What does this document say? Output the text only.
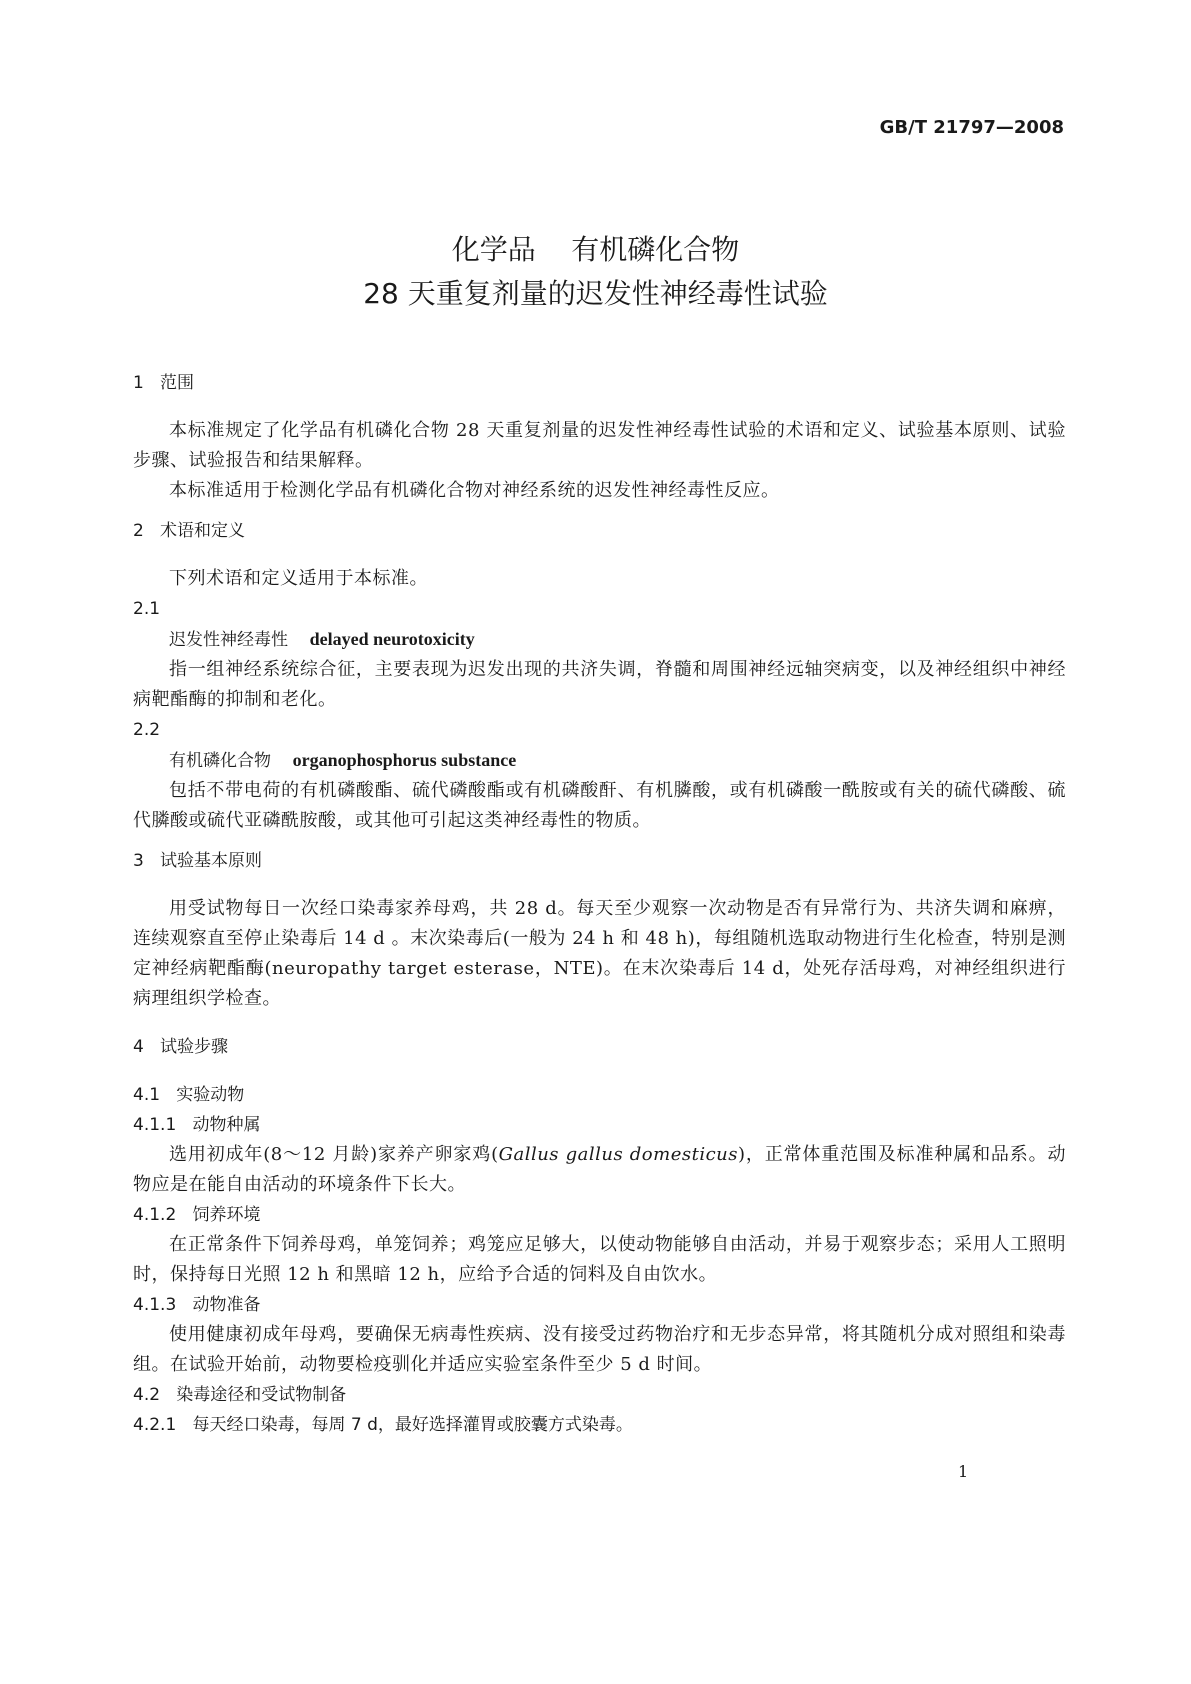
GB/T 21797—2008
化学品    有机磷化合物
28 天重复剂量的迟发性神经毒性试验

1   范围

本标准规定了化学品有机磷化合物 28 天重复剂量的迟发性神经毒性试验的术语和定义、试验基本原则、试验步骤、试验报告和结果解释。

本标准适用于检测化学品有机磷化合物对神经系统的迟发性神经毒性反应。

2   术语和定义

下列术语和定义适用于本标准。

2.1

迟发性神经毒性    delayed neurotoxicity

指一组神经系统综合征，主要表现为迟发出现的共济失调，脊髓和周围神经远轴突病变，以及神经组织中神经病靶酯酶的抑制和老化。

2.2

有机磷化合物    organophosphorus substance

包括不带电荷的有机磷酸酯、硫代磷酸酯或有机磷酸酐、有机膦酸，或有机磷酸一酰胺或有关的硫代磷酸、硫代膦酸或硫代亚磷酰胺酸，或其他可引起这类神经毒性的物质。

3   试验基本原则

用受试物每日一次经口染毒家养母鸡，共 28 d。每天至少观察一次动物是否有异常行为、共济失调和麻痹，连续观察直至停止染毒后 14 d 。末次染毒后(一般为 24 h 和 48 h)，每组随机选取动物进行生化检查，特别是测定神经病靶酯酶(neuropathy target esterase，NTE)。在末次染毒后 14 d，处死存活母鸡，对神经组织进行病理组织学检查。

4   试验步骤

4.1   实验动物

4.1.1   动物种属

选用初成年(8～12 月龄)家养产卵家鸡(Gallus gallus domesticus)，正常体重范围及标准种属和品系。动物应是在能自由活动的环境条件下长大。

4.1.2   饲养环境

在正常条件下饲养母鸡，单笼饲养；鸡笼应足够大，以使动物能够自由活动，并易于观察步态；采用人工照明时，保持每日光照 12 h 和黑暗 12 h，应给予合适的饲料及自由饮水。

4.1.3   动物准备

使用健康初成年母鸡，要确保无病毒性疾病、没有接受过药物治疗和无步态异常，将其随机分成对照组和染毒组。在试验开始前，动物要检疫驯化并适应实验室条件至少 5 d 时间。

4.2   染毒途径和受试物制备

4.2.1   每天经口染毒，每周 7 d，最好选择灌胃或胶囊方式染毒。

1
